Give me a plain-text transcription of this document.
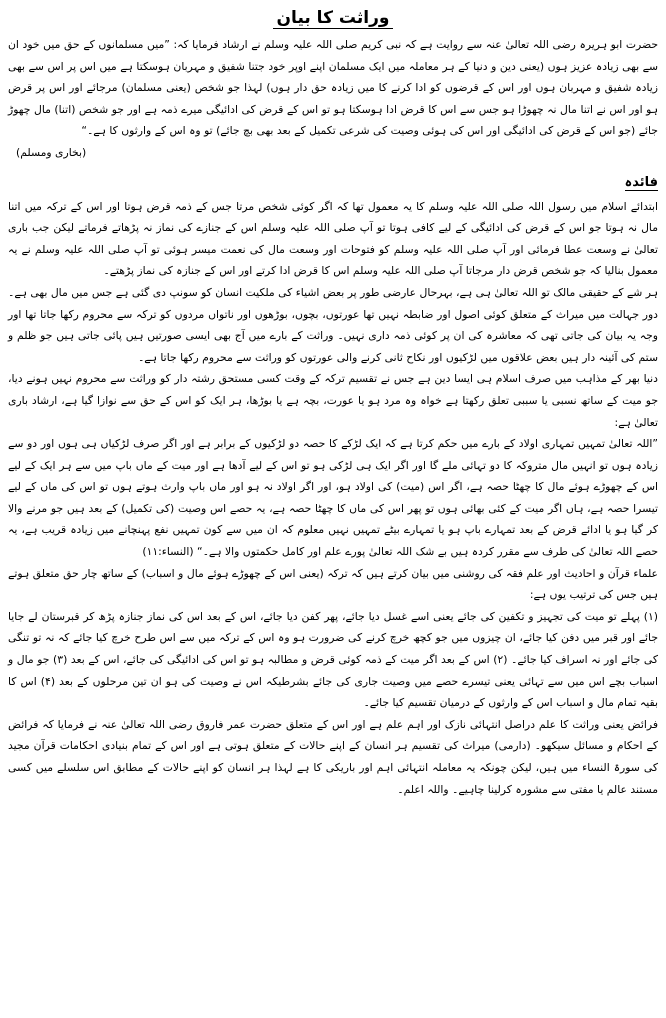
وراثت کا بیان

حضرت ابو ہریرہ رضی اللہ تعالیٰ عنہ سے روایت ہے کہ نبی کریم صلی اللہ علیہ وسلم نے ارشاد فرمایا کہ: ”میں مسلمانوں کے حق میں خود ان سے بھی زیادہ عزیز ہوں (یعنی دین و دنیا کے ہر معاملہ میں ایک مسلمان اپنے اوپر خود جتنا شفیق و مہربان ہوسکتا ہے میں اس پر اس سے بھی زیادہ شفیق و مہربان ہوں اور اس کے قرضوں کو ادا کرنے کا میں زیادہ حق دار ہوں) لہذا جو شخص (یعنی مسلمان) مرجائے اور اس پر قرض ہو اور اس نے اتنا مال نہ چھوڑا ہو جس سے اس کا قرض ادا ہوسکتا ہو تو اس کے قرض کی ادائیگی میرے ذمہ ہے اور جو شخص (اتنا) مال چھوڑ جائے (جو اس کے قرض کی ادائیگی اور اس کی ہوئی وصیت کی شرعی تکمیل کے بعد بھی بچ جائے) تو وہ اس کے وارثوں کا ہے۔“

(بخاری ومسلم)

فائدہ

ابتدائے اسلام میں رسول اللہ صلی اللہ علیہ وسلم کا یہ معمول تھا کہ اگر کوئی شخص مرتا جس کے ذمہ قرض ہوتا اور اس کے ترکہ میں اتنا مال نہ ہوتا جو اس کے قرض کی ادائیگی کے لیے کافی ہوتا تو آپ صلی اللہ علیہ وسلم اس کے جنازے کی نماز نہ پڑھاتے فرماتے لیکن جب باری تعالیٰ نے وسعت عطا فرمائی اور آپ صلی اللہ علیہ وسلم کو فتوحات اور وسعت مال کی نعمت میسر ہوئی تو آپ صلی اللہ علیہ وسلم نے یہ معمول بنالیا کہ جو شخص قرض دار مرجاتا آپ صلی اللہ علیہ وسلم اس کا قرض ادا کرتے اور اس کے جنازہ کی نماز پڑھتے۔

ہر شے کے حقیقی مالک تو اللہ تعالیٰ ہی ہے، بہرحال عارضی طور پر بعض اشیاء کی ملکیت انسان کو سونپ دی گئی ہے جس میں مال بھی ہے۔ دور جہالت میں میراث کے متعلق کوئی اصول اور ضابطہ نہیں تھا عورتوں، بچوں، بوڑھوں اور ناتواں مردوں کو ترکہ سے محروم رکھا جاتا تھا اور وجہ یہ بیان کی جاتی تھی کہ معاشرہ کی ان پر کوئی ذمہ داری نہیں۔ وراثت کے بارے میں آج بھی ایسی صورتیں ہیں پائی جاتی ہیں جو ظلم و ستم کی آئینہ دار ہیں بعض علاقوں میں لڑکیوں اور نکاح ثانی کرنے والی عورتوں کو وراثت سے محروم رکھا جاتا ہے۔

دنیا بھر کے مذاہب میں صرف اسلام ہی ایسا دین ہے جس نے تقسیم ترکہ کے وقت کسی مستحق رشتہ دار کو وراثت سے محروم نہیں ہونے دیا، جو میت کے ساتھ نسبی یا سببی تعلق رکھتا ہے خواہ وہ مرد ہو یا عورت، بچہ ہے یا بوڑھا، ہر ایک کو اس کے حق سے نوازا گیا ہے، ارشاد باری تعالیٰ ہے:

”اللہ تعالیٰ تمہیں تمہاری اولاد کے بارے میں حکم کرتا ہے کہ ایک لڑکے کا حصہ دو لڑکیوں کے برابر ہے اور اگر صرف لڑکیاں ہی ہوں اور دو سے زیادہ ہوں تو انہیں مال متروکہ کا دو تہائی ملے گا اور اگر ایک ہی لڑکی ہو تو اس کے لیے آدھا ہے اور میت کے ماں باپ میں سے ہر ایک کے لیے اس کے چھوڑے ہوئے مال کا چھٹا حصہ ہے، اگر اس (میت) کی اولاد ہو، اور اگر اولاد نہ ہو اور ماں باپ وارث ہوتے ہوں تو اس کی ماں کے لیے تیسرا حصہ ہے، ہاں اگر میت کے کئی بھائی ہوں تو پھر اس کی ماں کا چھٹا حصہ ہے، یہ حصے اس وصیت (کی تکمیل) کے بعد ہیں جو مرنے والا کر گیا ہو یا ادائے قرض کے بعد تمہارے باپ ہو یا تمہارے بیٹے تمہیں نہیں معلوم کہ ان میں سے کون تمہیں نفع پہنچانے میں زیادہ قریب ہے، یہ حصے اللہ تعالیٰ کی طرف سے مقرر کردہ ہیں بے شک اللہ تعالیٰ پورے علم اور کامل حکمتوں والا ہے۔“ (النساء:۱۱)

علماء قرآن و احادیث اور علم فقہ کی روشنی میں بیان کرتے ہیں کہ ترکہ (یعنی اس کے چھوڑے ہوئے مال و اسباب) کے ساتھ چار حق متعلق ہوتے ہیں جس کی ترتیب یوں ہے:

(۱) پہلے تو میت کی تجہیز و تکفین کی جائے یعنی اسے غسل دیا جائے، پھر کفن دیا جائے، اس کے بعد اس کی نماز جنازہ پڑھ کر قبرستان لے جایا جائے اور قبر میں دفن کیا جائے، ان چیزوں میں جو کچھ خرچ کرنے کی ضرورت ہو وہ اس کے ترکہ میں سے اس طرح خرچ کیا جائے کہ نہ تو تنگی کی جائے اور نہ اسراف کیا جائے۔ (۲) اس کے بعد اگر میت کے ذمہ کوئی قرض و مطالبہ ہو تو اس کی ادائیگی کی جائے، اس کے بعد (۳) جو مال و اسباب بچے اس میں سے تہائی یعنی تیسرے حصے میں وصیت جاری کی جائے بشرطیکہ اس نے وصیت کی ہو ان تین مرحلوں کے بعد (۴) اس کا بقیہ تمام مال و اسباب اس کے وارثوں کے درمیان تقسیم کیا جائے۔

فرائض یعنی وراثت کا علم دراصل انتہائی نازک اور اہم علم ہے اور اس کے متعلق حضرت عمر فاروق رضی اللہ تعالیٰ عنہ نے فرمایا کہ فرائض کے احکام و مسائل سیکھو۔ (دارمی) میراث کی تقسیم ہر انسان کے اپنے حالات کے متعلق ہوتی ہے اور اس کے تمام بنیادی احکامات قرآن مجید کی سورۃ النساء میں ہیں، لیکن چونکہ یہ معاملہ انتہائی اہم اور باریکی کا ہے لہذا ہر انسان کو اپنے حالات کے مطابق اس سلسلے میں کسی مستند عالم یا مفتی سے مشورہ کرلینا چاہیے۔ واللہ اعلم۔
